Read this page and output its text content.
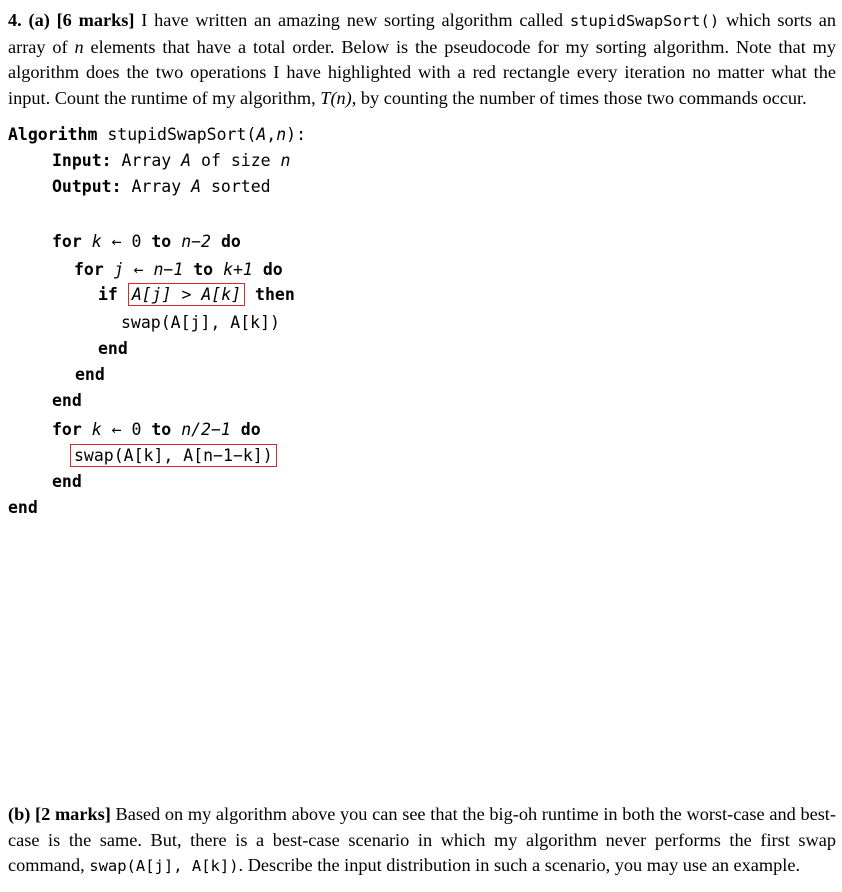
4. (a) [6 marks] I have written an amazing new sorting algorithm called stupidSwapSort() which sorts an array of n elements that have a total order. Below is the pseudocode for my sorting algorithm. Note that my algorithm does the two operations I have highlighted with a red rectangle every iteration no matter what the input. Count the runtime of my algorithm, T(n), by counting the number of times those two commands occur.
Algorithm stupidSwapSort(A,n):
Input: Array A of size n
Output: Array A sorted
for k ← 0 to n−2 do
for j ← n−1 to k+1 do
if A[j] > A[k] then
swap(A[j], A[k])
end
end
end
for k ← 0 to n/2−1 do
swap(A[k], A[n−1−k])
end
end
(b) [2 marks] Based on my algorithm above you can see that the big-oh runtime in both the worst-case and best-case is the same. But, there is a best-case scenario in which my algorithm never performs the first swap command, swap(A[j], A[k]). Describe the input distribution in such a scenario, you may use an example.
